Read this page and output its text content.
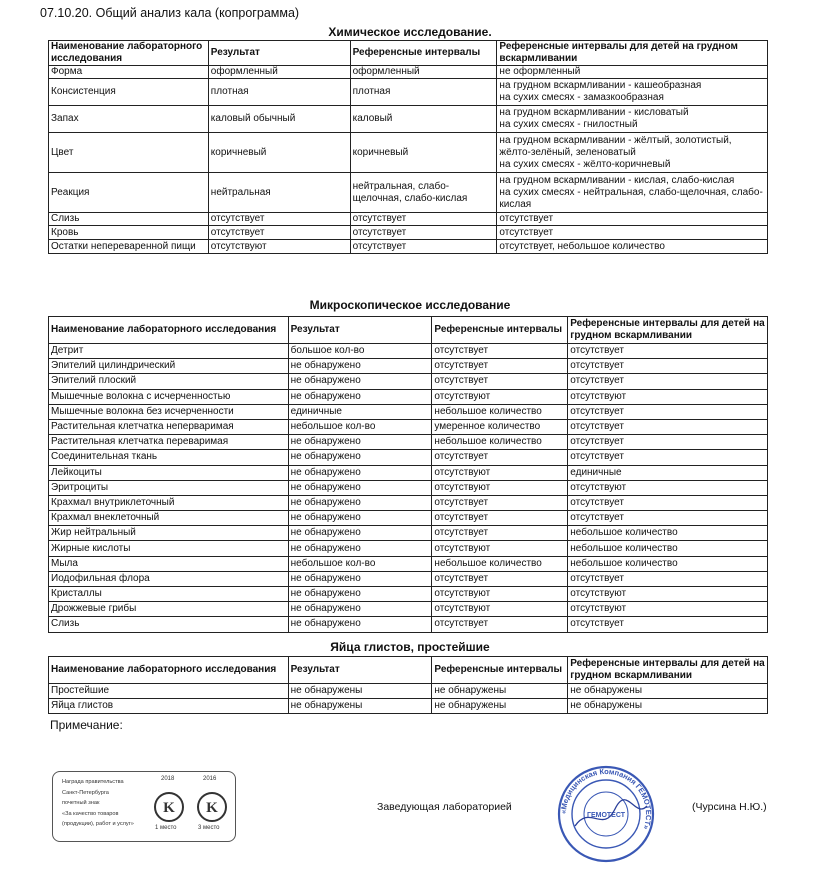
07.10.20. Общий анализ кала (копрограмма)
Химическое исследование.
Наименование лабораторного исследования	Результат	Референсные интервалы	Референсные интервалы для детей на грудном вскармливании
Форма	оформленный	оформленный	не оформленный
Консистенция	плотная	плотная	на грудном вскармливании - кашеобразная
на сухих смесях - замазкообразная
Запах	каловый обычный	каловый	на грудном вскармливании - кисловатый
на сухих смесях - гнилостный
Цвет	коричневый	коричневый	на грудном вскармливании - жёлтый, золотистый, жёлто-зелёный, зеленоватый
на сухих смесях - жёлто-коричневый
Реакция	нейтральная	нейтральная, слабо-щелочная, слабо-кислая	на грудном вскармливании - кислая, слабо-кислая
на сухих смесях - нейтральная, слабо-щелочная, слабо-кислая
Слизь	отсутствует	отсутствует	отсутствует
Кровь	отсутствует	отсутствует	отсутствует
Остатки непереваренной пищи	отсутствуют	отсутствует	отсутствует, небольшое количество
Микроскопическое исследование
Наименование лабораторного исследования	Результат	Референсные интервалы	Референсные интервалы для детей на грудном вскармливании
Детрит	большое кол-во	отсутствует	отсутствует
Эпителий цилиндрический	не обнаружено	отсутствует	отсутствует
Эпителий плоский	не обнаружено	отсутствует	отсутствует
Мышечные волокна с исчерченностью	не обнаружено	отсутствуют	отсутствуют
Мышечные волокна без исчерченности	единичные	небольшое количество	отсутствует
Растительная клетчатка неперваримая	небольшое кол-во	умеренное количество	отсутствует
Растительная клетчатка переваримая	не обнаружено	небольшое количество	отсутствует
Соединительная ткань	не обнаружено	отсутствует	отсутствует
Лейкоциты	не обнаружено	отсутствуют	единичные
Эритроциты	не обнаружено	отсутствуют	отсутствуют
Крахмал внутриклеточный	не обнаружено	отсутствует	отсутствует
Крахмал внеклеточный	не обнаружено	отсутствует	отсутствует
Жир нейтральный	не обнаружено	отсутствует	небольшое количество
Жирные кислоты	не обнаружено	отсутствуют	небольшое количество
Мыла	небольшое кол-во	небольшое количество	небольшое количество
Иодофильная флора	не обнаружено	отсутствует	отсутствует
Кристаллы	не обнаружено	отсутствуют	отсутствуют
Дрожжевые грибы	не обнаружено	отсутствуют	отсутствуют
Слизь	не обнаружено	отсутствует	отсутствует
Яйца глистов, простейшие
Наименование лабораторного исследования	Результат	Референсные интервалы	Референсные интервалы для детей на грудном вскармливании
Простейшие	не обнаружены	не обнаружены	не обнаружены
Яйца глистов	не обнаружены	не обнаружены	не обнаружены
Примечание:
Награда правительства
Санкт-Петербурга
почетный знак
«За качество товаров
(продукции), работ и услуг»
2018	2016
K K
1 место	3 место
Заведующая лабораторией	«Медицинская Компания ГЕМОТЕСТ»
ГЕМОТЕСТ
(Чурсина Н.Ю.)
